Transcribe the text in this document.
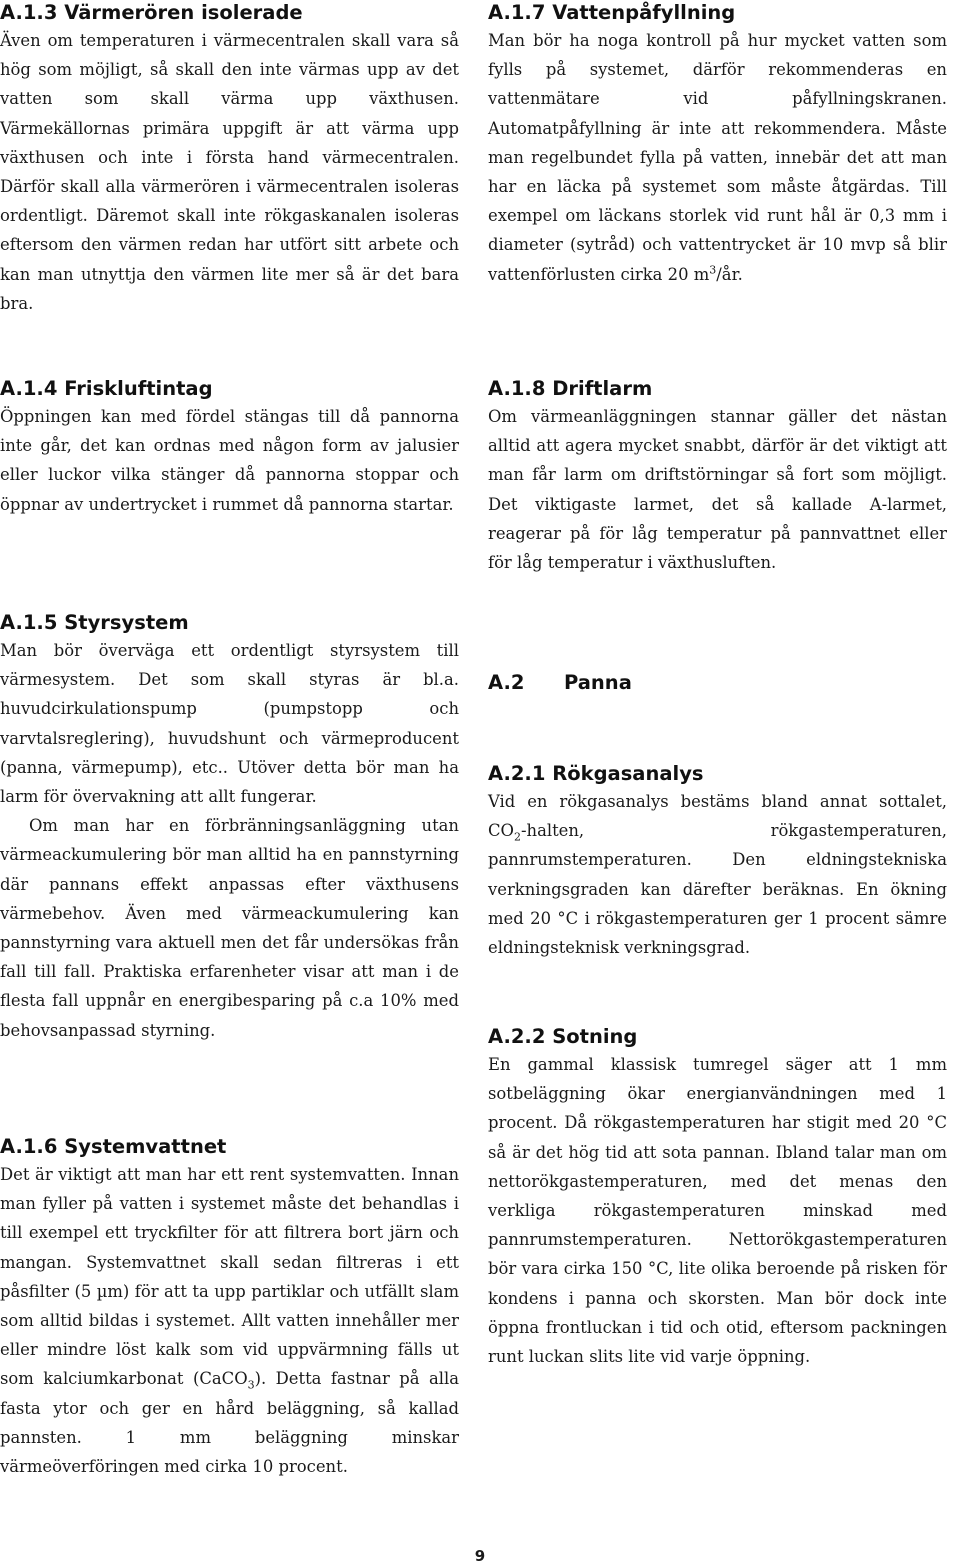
A.1.3 Värmerören isolerade

Även om temperaturen i värmecentralen skall vara så hög som möjligt, så skall den inte värmas upp av det vatten som skall värma upp växthusen. Värmekällornas primära uppgift är att värma upp växthusen och inte i första hand värmecentralen. Därför skall alla värmerören i värmecentralen isoleras ordentligt. Däremot skall inte rökgaskanalen isoleras eftersom den värmen redan har utfört sitt arbete och kan man utnyttja den värmen lite mer så är det bara bra.

A.1.4 Friskluftintag

Öppningen kan med fördel stängas till då pannorna inte går, det kan ordnas med någon form av jalusier eller luckor vilka stänger då pannorna stoppar och öppnar av undertrycket i rummet då pannorna startar.

A.1.5 Styrsystem

Man bör överväga ett ordentligt styrsystem till värmesystem. Det som skall styras är bl.a. huvudcirkulationspump (pumpstopp och varvtalsreglering), huvudshunt och värmeproducent (panna, värmepump), etc.. Utöver detta bör man ha larm för övervakning att allt fungerar.

Om man har en förbränningsanläggning utan värmeackumulering bör man alltid ha en pannstyrning där pannans effekt anpassas efter växthusens värmebehov. Även med värmeackumulering kan pannstyrning vara aktuell men det får undersökas från fall till fall. Praktiska erfarenheter visar att man i de flesta fall uppnår en energibesparing på c.a 10% med behovsanpassad styrning.

A.1.6 Systemvattnet

Det är viktigt att man har ett rent systemvatten. Innan man fyller på vatten i systemet måste det behandlas i till exempel ett tryckfilter för att filtrera bort järn och mangan. Systemvattnet skall sedan filtreras i ett påsfilter (5 µm) för att ta upp partiklar och utfällt slam som alltid bildas i systemet. Allt vatten innehåller mer eller mindre löst kalk som vid uppvärmning fälls ut som kalciumkarbonat (CaCO$_3$). Detta fastnar på alla fasta ytor och ger en hård beläggning, så kallad pannsten. 1 mm beläggning minskar värmeöverföringen med cirka 10 procent.

A.1.7 Vattenpåfyllning

Man bör ha noga kontroll på hur mycket vatten som fylls på systemet, därför rekommenderas en vattenmätare vid påfyllningskranen. Automatpåfyllning är inte att rekommendera. Måste man regelbundet fylla på vatten, innebär det att man har en läcka på systemet som måste åtgärdas. Till exempel om läckans storlek vid runt hål är 0,3 mm i diameter (sytråd) och vattentrycket är 10 mvp så blir vattenförlusten cirka 20 $m^3/år$.

A.1.8 Driftlarm

Om värmeanläggningen stannar gäller det nästan alltid att agera mycket snabbt, därför är det viktigt att man får larm om driftstörningar så fort som möjligt. Det viktigaste larmet, det så kallade A-larmet, reagerar på för låg temperatur på pannvattnet eller för låg temperatur i växthusluften.

A.2 Panna
A.2.1 Rökgasanalys

Vid en rökgasanalys bestäms bland annat sottalet, $CO_2$-halten, rökgastemperaturen, pannrumstemperaturen. Den eldningstekniska verkningsgraden kan därefter beräknas. En ökning med 20 °C i rökgastemperaturen ger 1 procent sämre eldningsteknisk verkningsgrad.

A.2.2 Sotning

En gammal klassisk tumregel säger att 1 mm sotbeläggning ökar energianvändningen med 1 procent. Då rökgastemperaturen har stigit med 20 °C så är det hög tid att sota pannan. Ibland talar man om nettorökgastemperaturen, med det menas den verkliga rökgastemperaturen minskad med pannrumstemperaturen. Nettorökgastemperaturen bör vara cirka 150 °C, lite olika beroende på risken för kondens i panna och skorsten. Man bör dock inte öppna frontluckan i tid och otid, eftersom packningen runt luckan slits lite vid varje öppning.

9
